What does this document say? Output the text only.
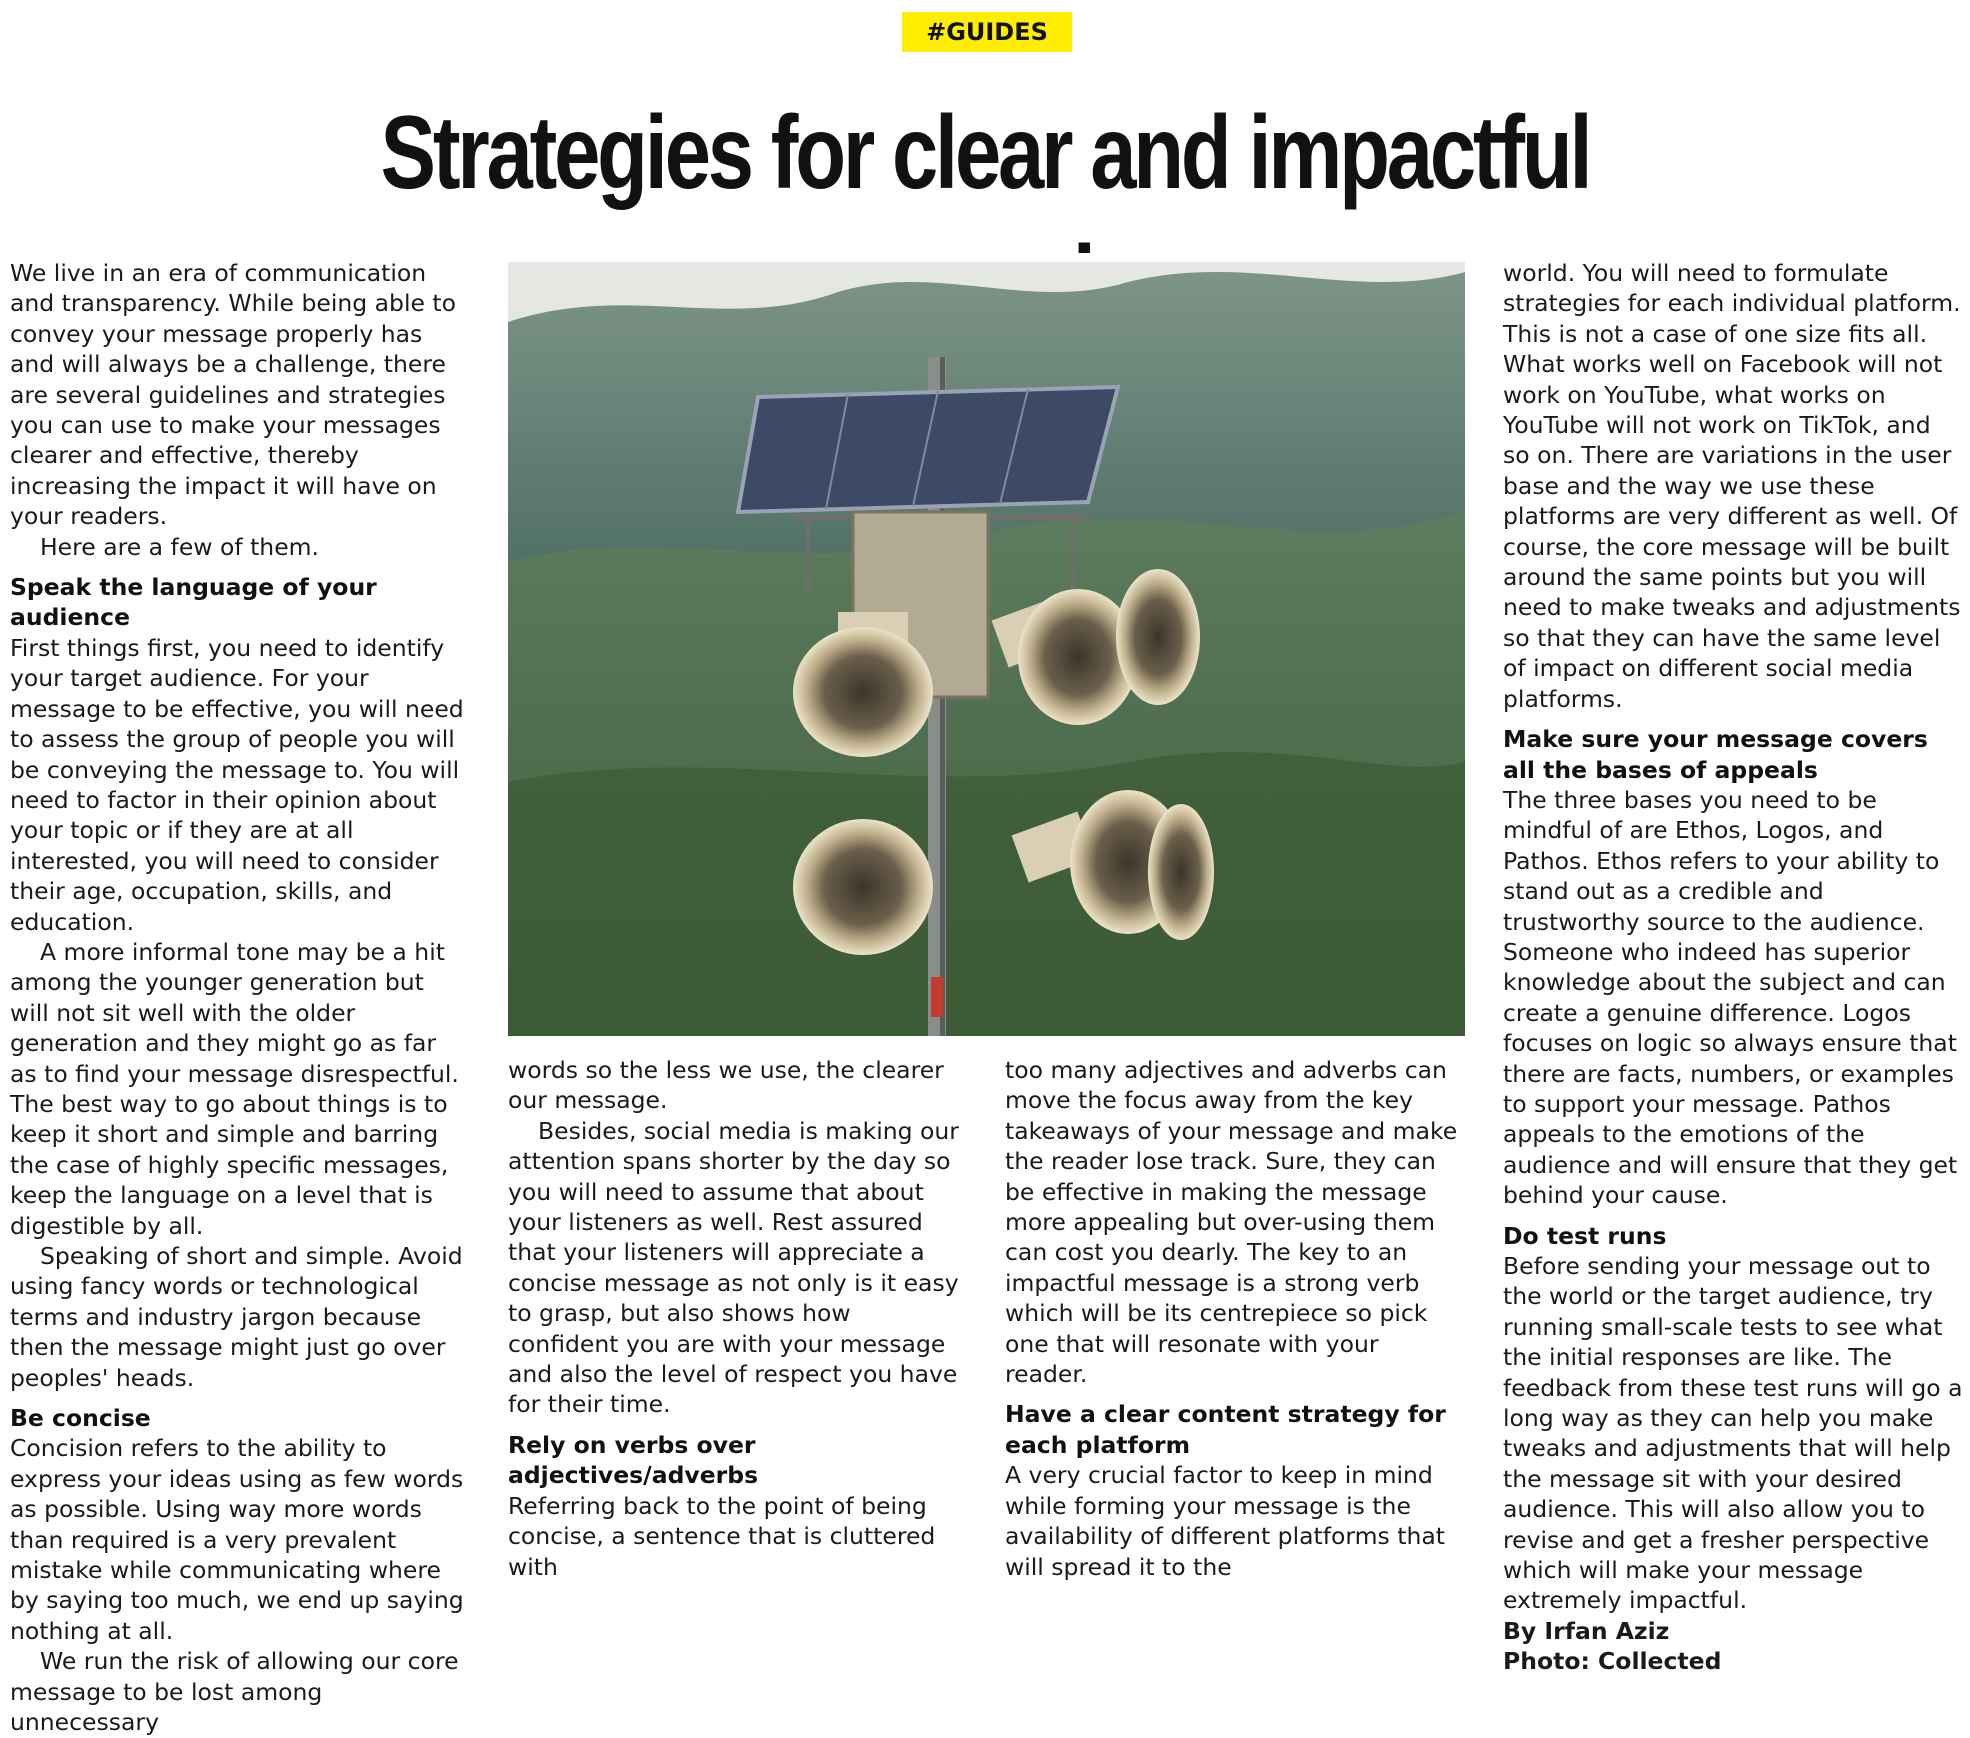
#GUIDES
Strategies for clear and impactful

We live in an era of communication and transparency. While being able to convey your message properly has and will always be a challenge, there are several guidelines and strategies you can use to make your messages clearer and effective, thereby increasing the impact it will have on your readers.

Here are a few of them.

Speak the language of your audience

First things first, you need to identify your target audience. For your message to be effective, you will need to assess the group of people you will be conveying the message to. You will need to factor in their opinion about your topic or if they are at all interested, you will need to consider their age, occupation, skills, and education.

A more informal tone may be a hit among the younger generation but will not sit well with the older generation and they might go as far as to find your message disrespectful. The best way to go about things is to keep it short and simple and barring the case of highly specific messages, keep the language on a level that is digestible by all.

Speaking of short and simple. Avoid using fancy words or technological terms and industry jargon because then the message might just go over peoples' heads.

Be concise

Concision refers to the ability to express your ideas using as few words as possible. Using way more words than required is a very prevalent mistake while communicating where by saying too much, we end up saying nothing at all.

We run the risk of allowing our core message to be lost among unnecessary

words so the less we use, the clearer our message.

Besides, social media is making our attention spans shorter by the day so you will need to assume that about your listeners as well. Rest assured that your listeners will appreciate a concise message as not only is it easy to grasp, but also shows how confident you are with your message and also the level of respect you have for their time.

Rely on verbs over adjectives/adverbs

Referring back to the point of being concise, a sentence that is cluttered with

too many adjectives and adverbs can move the focus away from the key takeaways of your message and make the reader lose track. Sure, they can be effective in making the message more appealing but over-using them can cost you dearly. The key to an impactful message is a strong verb which will be its centrepiece so pick one that will resonate with your reader.

Have a clear content strategy for each platform

A very crucial factor to keep in mind while forming your message is the availability of different platforms that will spread it to the

world. You will need to formulate strategies for each individual platform. This is not a case of one size fits all. What works well on Facebook will not work on YouTube, what works on YouTube will not work on TikTok, and so on. There are variations in the user base and the way we use these platforms are very different as well. Of course, the core message will be built around the same points but you will need to make tweaks and adjustments so that they can have the same level of impact on different social media platforms.

Make sure your message covers all the bases of appeals

The three bases you need to be mindful of are Ethos, Logos, and Pathos. Ethos refers to your ability to stand out as a credible and trustworthy source to the audience. Someone who indeed has superior knowledge about the subject and can create a genuine difference. Logos focuses on logic so always ensure that there are facts, numbers, or examples to support your message. Pathos appeals to the emotions of the audience and will ensure that they get behind your cause.

Do test runs

Before sending your message out to the world or the target audience, try running small-scale tests to see what the initial responses are like. The feedback from these test runs will go a long way as they can help you make tweaks and adjustments that will help the message sit with your desired audience. This will also allow you to revise and get a fresher perspective which will make your message extremely impactful.

By Irfan Aziz

Photo: Collected
